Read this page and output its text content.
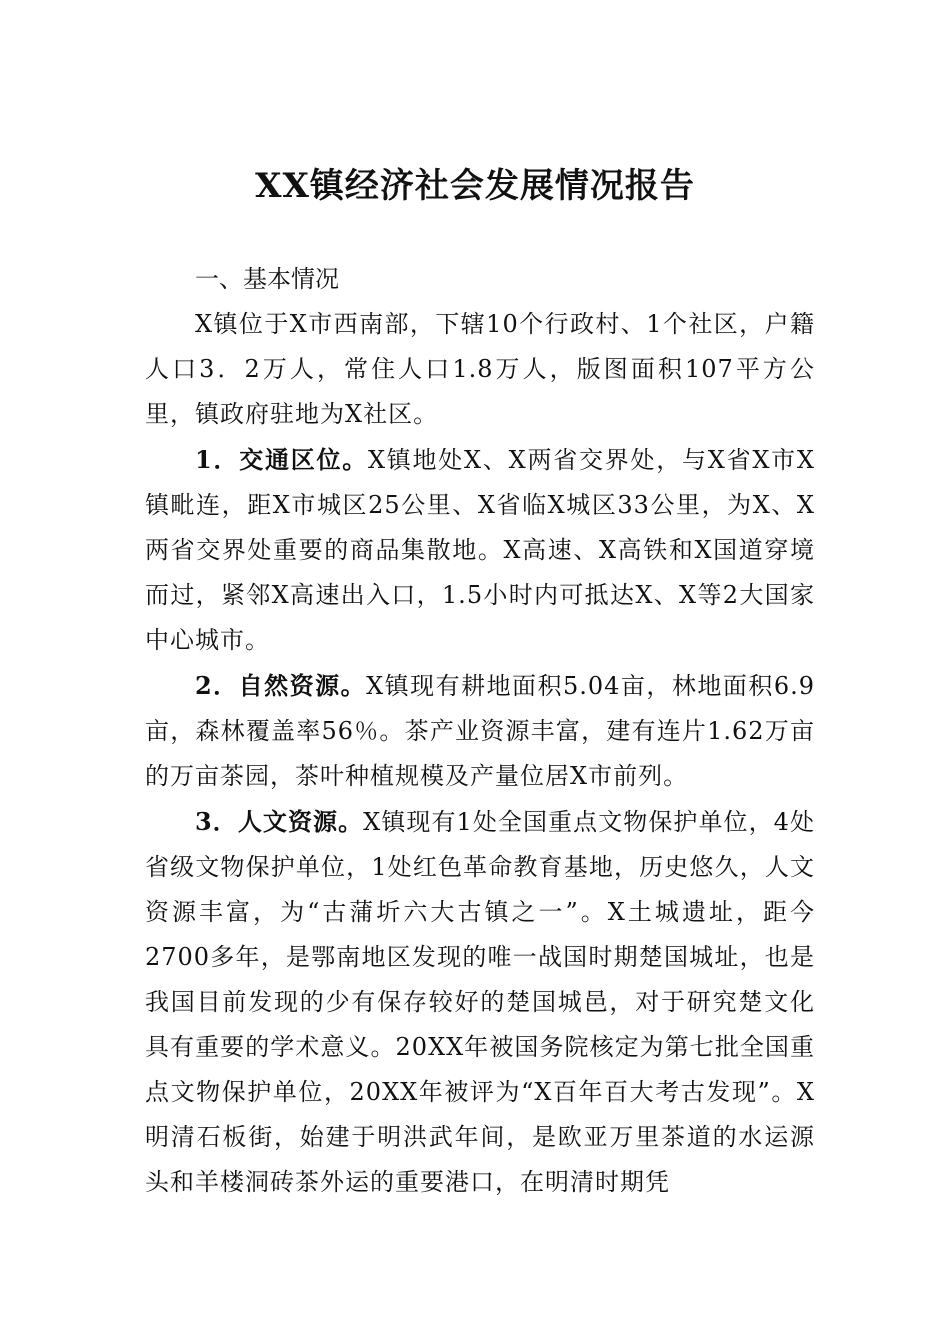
XX镇经济社会发展情况报告

一、基本情况

X镇位于X市西南部，下辖10个行政村、1个社区，户籍人口3．2万人，常住人口1.8万人，版图面积107平方公里，镇政府驻地为X社区。

1．交通区位。X镇地处X、X两省交界处，与X省X市X镇毗连，距X市城区25公里、X省临X城区33公里，为X、X两省交界处重要的商品集散地。X高速、X高铁和X国道穿境而过，紧邻X高速出入口，1.5小时内可抵达X、X等2大国家中心城市。

2．自然资源。X镇现有耕地面积5.04亩，林地面积6.9亩，森林覆盖率56％。茶产业资源丰富，建有连片1.62万亩的万亩茶园，茶叶种植规模及产量位居X市前列。

3．人文资源。X镇现有1处全国重点文物保护单位，4处省级文物保护单位，1处红色革命教育基地，历史悠久，人文资源丰富，为“古蒲圻六大古镇之一”。X土城遗址，距今2700多年，是鄂南地区发现的唯一战国时期楚国城址，也是我国目前发现的少有保存较好的楚国城邑，对于研究楚文化具有重要的学术意义。20XX年被国务院核定为第七批全国重点文物保护单位，20XX年被评为“X百年百大考古发现”。X明清石板街，始建于明洪武年间，是欧亚万里茶道的水运源头和羊楼洞砖茶外运的重要港口，在明清时期凭
